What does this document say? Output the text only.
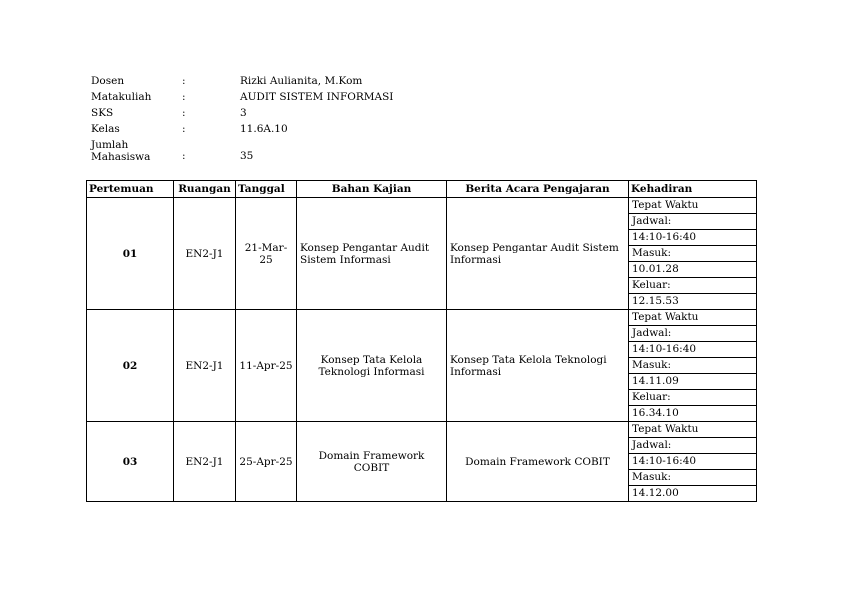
Dosen	:	Rizki Aulianita, M.Kom
Matakuliah	:	AUDIT SISTEM INFORMASI
SKS	:	3
Kelas	:	11.6A.10
Jumlah
Mahasiswa	:	35
Pertemuan	Ruangan	Tanggal	Bahan Kajian	Berita Acara Pengajaran	Kehadiran
01	EN2-J1	21-Mar-25	Konsep Pengantar Audit Sistem Informasi	Konsep Pengantar Audit Sistem Informasi	Tepat Waktu
					Jadwal:
					14:10-16:40
					Masuk:
					10.01.28
					Keluar:
					12.15.53
02	EN2-J1	11-Apr-25	Konsep Tata Kelola Teknologi Informasi	Konsep Tata Kelola Teknologi Informasi	Tepat Waktu
					Jadwal:
					14:10-16:40
					Masuk:
					14.11.09
					Keluar:
					16.34.10
03	EN2-J1	25-Apr-25	Domain Framework COBIT	Domain Framework COBIT	Tepat Waktu
					Jadwal:
					14:10-16:40
					Masuk:
					14.12.00
